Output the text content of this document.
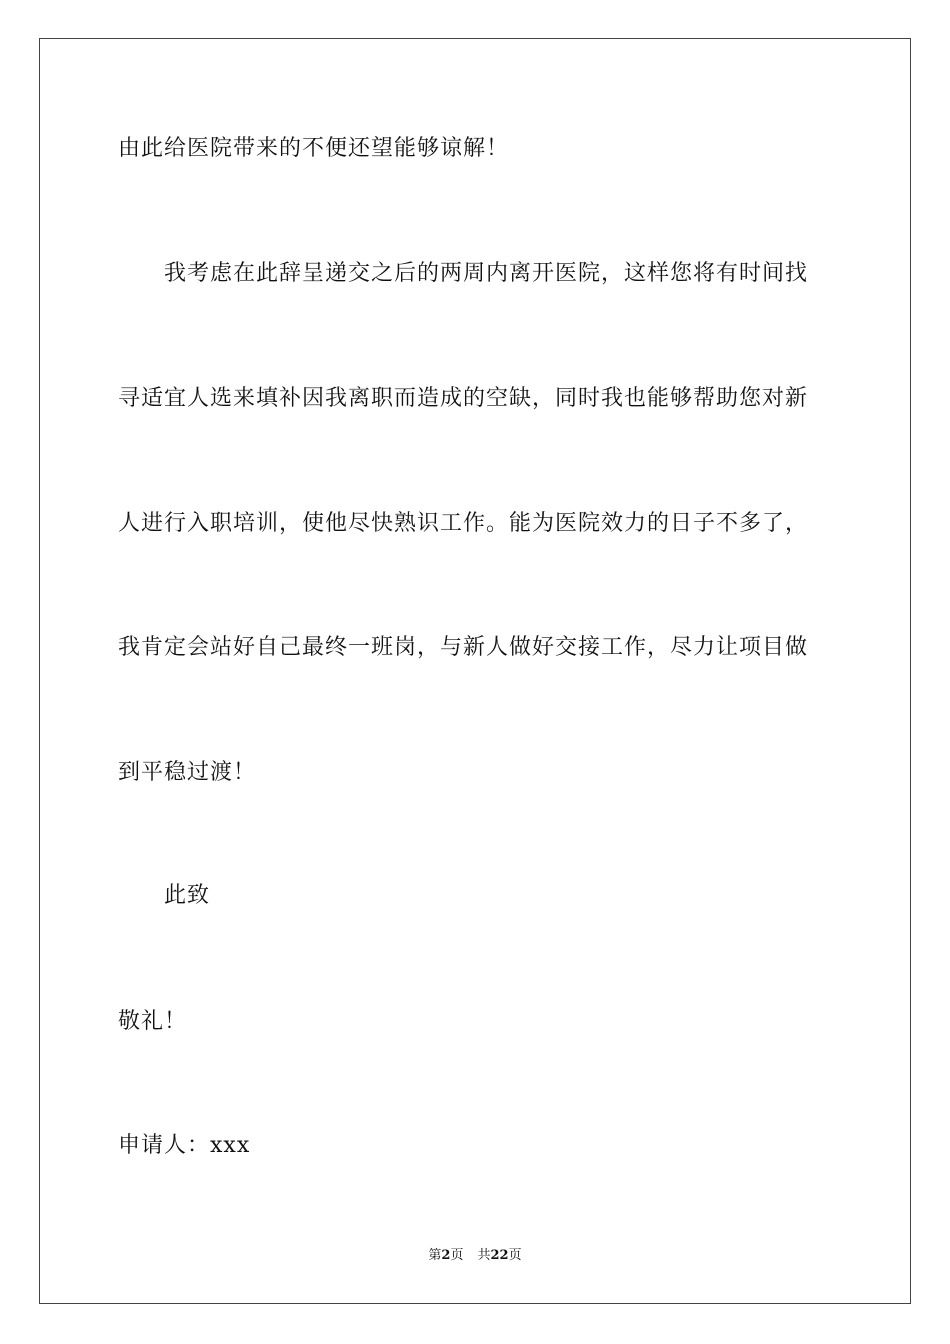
由此给医院带来的不便还望能够谅解！
我考虑在此辞呈递交之后的两周内离开医院，这样您将有时间找
寻适宜人选来填补因我离职而造成的空缺，同时我也能够帮助您对新
人进行入职培训，使他尽快熟识工作。能为医院效力的日子不多了，
我肯定会站好自己最终一班岗，与新人做好交接工作，尽力让项目做
到平稳过渡！
此致
敬礼！
申请人：xxx
第2页 共22页
